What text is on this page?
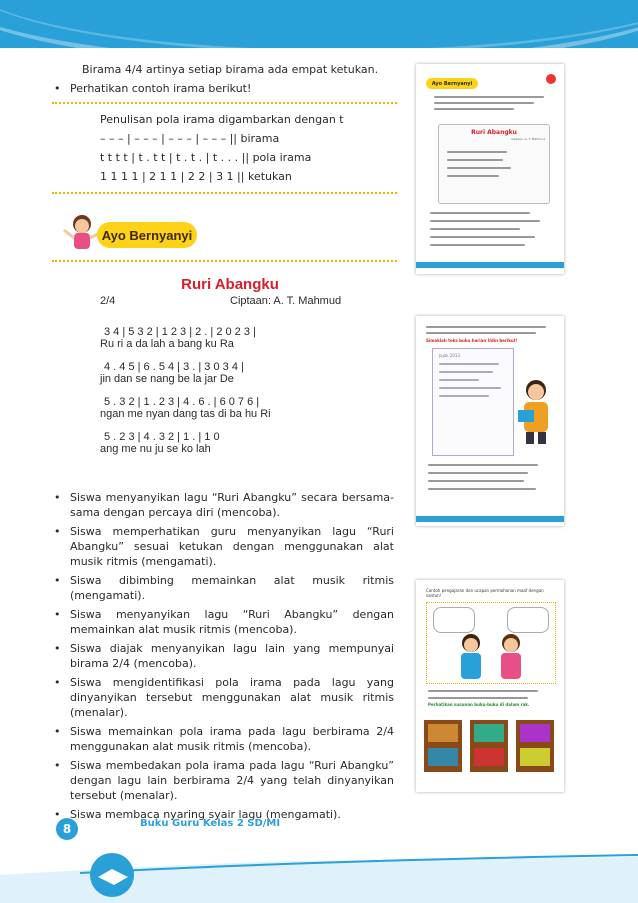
Birama 4/4 artinya setiap birama ada empat ketukan.
• Perhatikan contoh irama berikut!
Penulisan pola irama digambarkan dengan t
– – – | – – – | – – – | – – – || birama
t t t t | t . t t | t . t . | t . . . || pola irama
1 1 1 1 | 2 1 1 | 2 2 | 3 1 || ketukan
Ayo Bernyanyi
Ruri Abangku
2/4	Ciptaan: A. T. Mahmud
3 4 | 5 3 2 | 1 2 3 | 2 . | 2 0 2 3 |
Ru ri a da lah a bang ku Ra
4 . 4 5 | 6 . 5 4 | 3 . | 3 0 3 4 |
jin dan se nang be la jar De
5 . 3 2 | 1 . 2 3 | 4 . 6 . | 6 0 7 6 |
ngan me nyan dang tas di ba hu Ri
5 . 2 3 | 4 . 3 2 | 1 . | 1 0
ang me nu ju se ko lah
• Siswa menyanyikan lagu “Ruri Abangku” secara bersama-sama dengan percaya diri (mencoba).
• Siswa memperhatikan guru menyanyikan lagu “Ruri Abangku” sesuai ketukan dengan menggunakan alat musik ritmis (mengamati).
• Siswa dibimbing memainkan alat musik ritmis (mengamati).
• Siswa menyanyikan lagu “Ruri Abangku” dengan memainkan alat musik ritmis (mencoba).
• Siswa diajak menyanyikan lagu lain yang mempunyai birama 2/4 (mencoba).
• Siswa mengidentifikasi pola irama pada lagu yang dinyanyikan tersebut menggunakan alat musik ritmis (menalar).
• Siswa memainkan pola irama pada lagu berbirama 2/4 menggunakan alat musik ritmis (mencoba).
• Siswa membedakan pola irama pada lagu “Ruri Abangku” dengan lagu lain berbirama 2/4 yang telah dinyanyikan tersebut (menalar).
• Siswa membaca nyaring syair lagu (mengamati).
Ayo Bernyanyi
Ruri Abangku
Ciptaan: A. T. Mahmud
Simaklah teks buku harian Udin berikut!
Jajak 2013
Contoh pengajaran dan ucapan permohonan maaf dengan santun!
Perhatikan susunan buku-buku di dalam rak.
8	Buku Guru Kelas 2 SD/MI
